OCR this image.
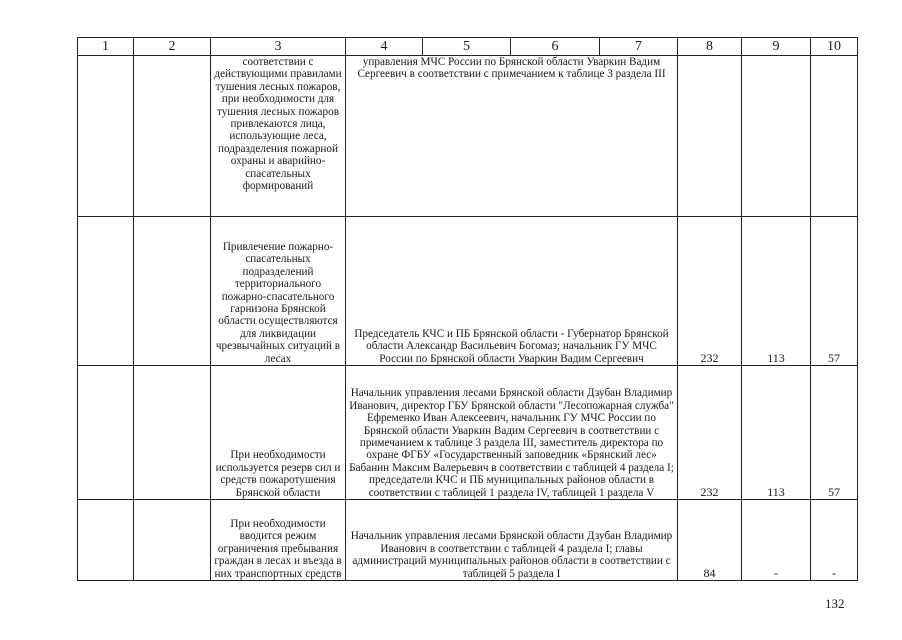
1	2	3	4	5	6	7	8	9	10
		соответствии с действующими правилами тушения лесных пожаров, при необходимости для тушения лесных пожаров привлекаются лица, использующие леса, подразделения пожарной охраны и аварийно-спасательных формирований	управления МЧС России по Брянской области Уваркин Вадим Сергеевич в соответствии с примечанием к таблице 3 раздела III						
		Привлечение пожарно-спасательных подразделений территориального пожарно-спасательного гарнизона Брянской области осуществляются для ликвидации чрезвычайных ситуаций в лесах	Председатель КЧС и ПБ Брянской области - Губернатор Брянской области Александр Васильевич Богомаз; начальник ГУ МЧС России по Брянской области Уваркин Вадим Сергеевич				232	113	57
		При необходимости используется резерв сил и средств пожаротушения Брянской области	Начальник управления лесами Брянской области Дзубан Владимир Иванович, директор ГБУ Брянской области "Лесопожарная служба" Ефременко Иван Алексеевич, начальник ГУ МЧС России по Брянской области Уваркин Вадим Сергеевич в соответствии с примечанием к таблице 3 раздела III, заместитель директора по охране ФГБУ «Государственный заповедник «Брянский лес» Бабанин Максим Валерьевич в соответствии с таблицей 4 раздела I; председатели КЧС и ПБ муниципальных районов области в соответствии с таблицей 1 раздела IV, таблицей 1 раздела V				232	113	57
		При необходимости вводится режим ограничения пребывания граждан в лесах и въезда в них транспортных средств	Начальник управления лесами Брянской области Дзубан Владимир Иванович в соответствии с таблицей 4 раздела I; главы администраций муниципальных районов области в соответствии с таблицей 5 раздела I				84	-	-
132
